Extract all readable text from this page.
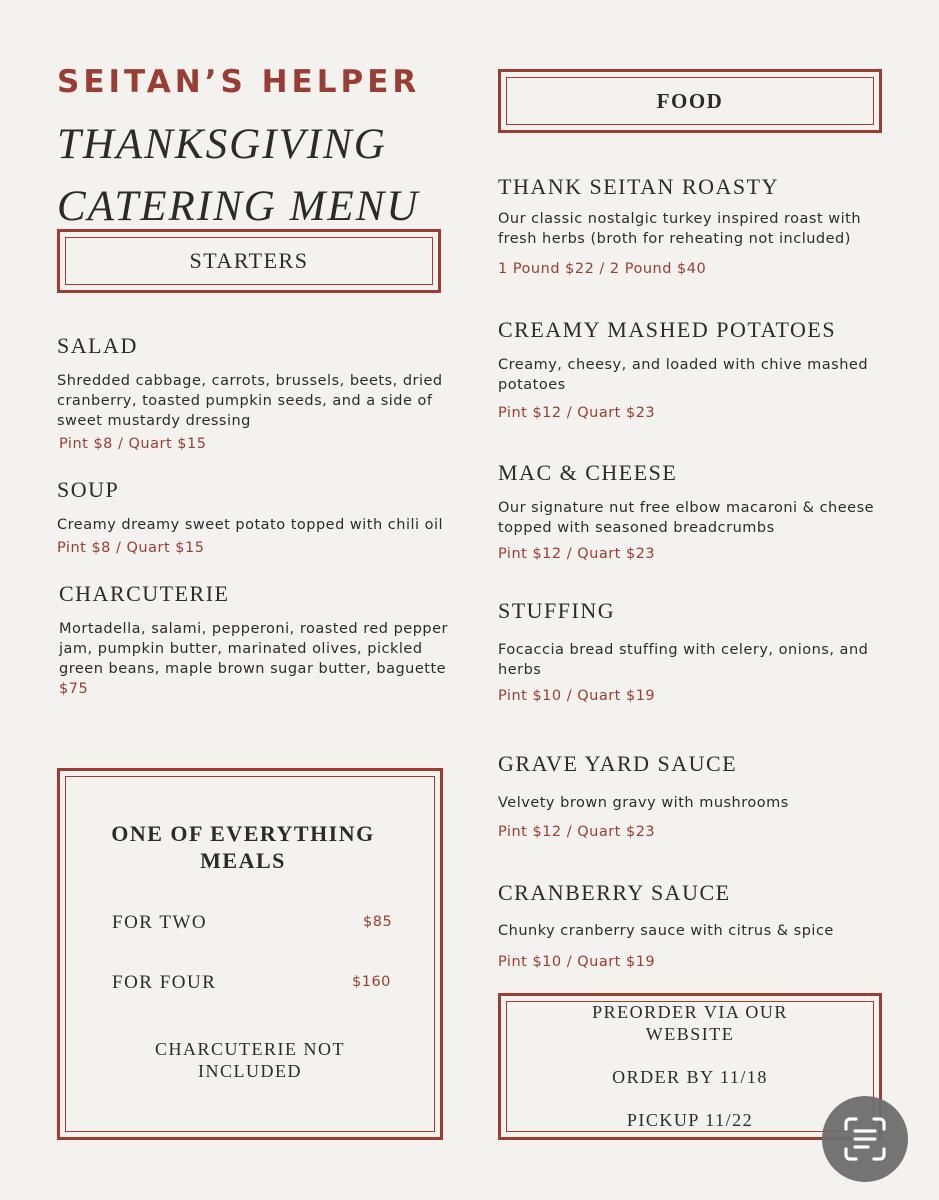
SEITAN’S HELPER
THANKSGIVING
CATERING MENU
STARTERS
SALAD
Shredded cabbage, carrots, brussels, beets, dried cranberry, toasted pumpkin seeds, and a side of sweet mustardy dressing
Pint $8 / Quart $15
SOUP
Creamy dreamy sweet potato topped with chili oil
Pint $8 / Quart $15
CHARCUTERIE
Mortadella, salami, pepperoni, roasted red pepper jam, pumpkin butter, marinated olives, pickled green beans, maple brown sugar butter, baguette
$75
ONE OF EVERYTHING MEALS
FOR TWO	$85
FOR FOUR	$160
CHARCUTERIE NOT INCLUDED
FOOD
THANK SEITAN ROASTY
Our classic nostalgic turkey inspired roast with fresh herbs (broth for reheating not included)
1 Pound $22 / 2 Pound $40
CREAMY MASHED POTATOES
Creamy, cheesy, and loaded with chive mashed potatoes
Pint $12 / Quart $23
MAC & CHEESE
Our signature nut free elbow macaroni & cheese topped with seasoned breadcrumbs
Pint $12 / Quart $23
STUFFING
Focaccia bread stuffing with celery, onions, and herbs
Pint $10 / Quart $19
GRAVE YARD SAUCE
Velvety brown gravy with mushrooms
Pint $12 / Quart $23
CRANBERRY SAUCE
Chunky cranberry sauce with citrus & spice
Pint $10 / Quart $19
PREORDER VIA OUR WEBSITE
ORDER BY 11/18
PICKUP 11/22
